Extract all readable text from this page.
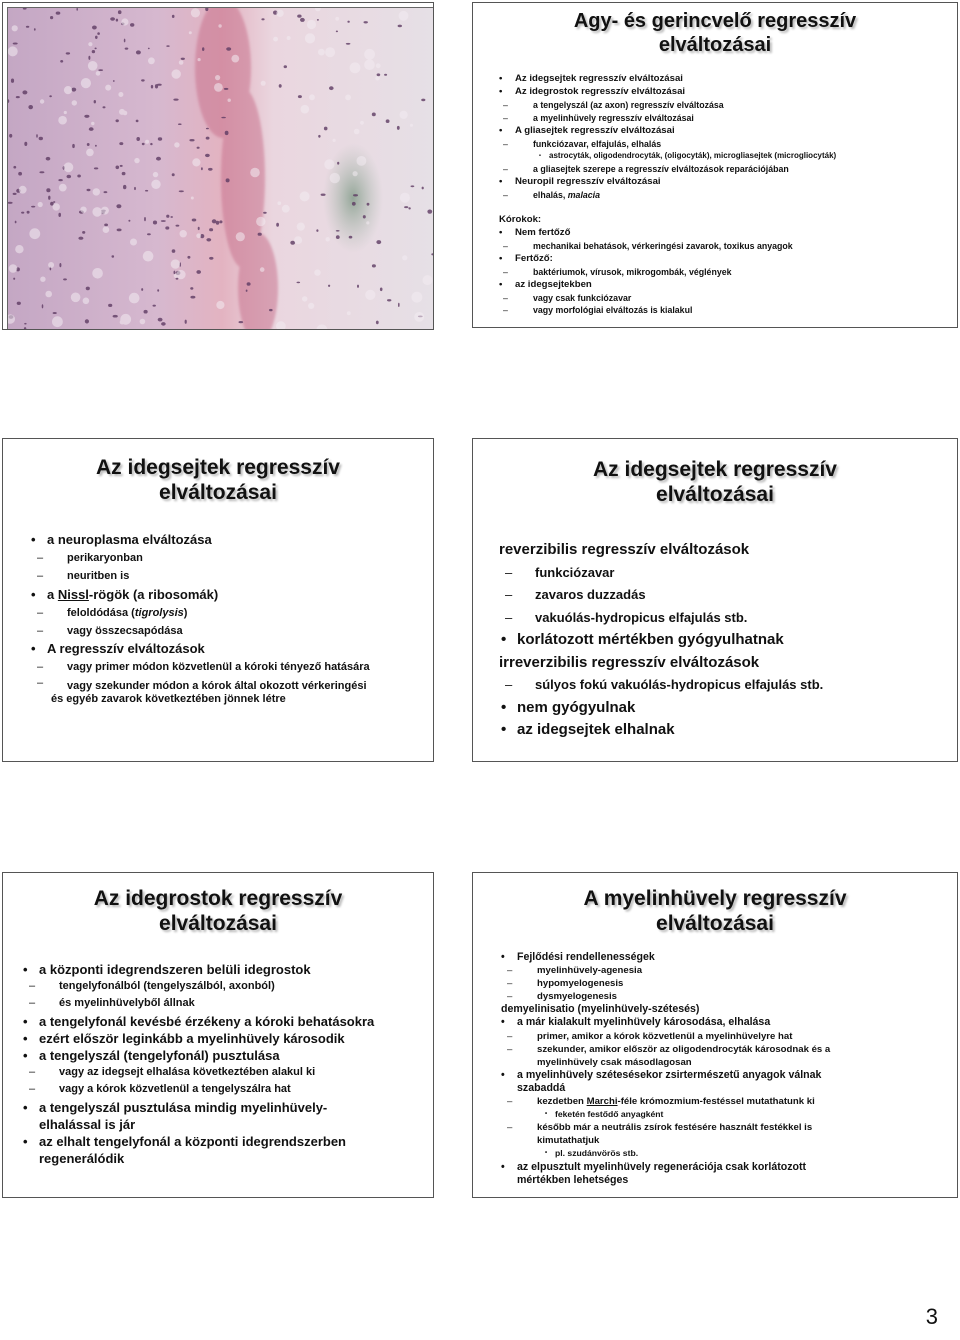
Agy- és gerincvelő regresszív
elváltozásai
• Az idegsejtek regresszív elváltozásai
• Az idegrostok regresszív elváltozásai
– a tengelyszál (az axon) regresszív elváltozása
– a myelinhüvely regresszív elváltozásai
• A gliasejtek regresszív elváltozásai
– funkciózavar, elfajulás, elhalás
• astrocyták, oligodendrocyták, (oligocyták), microgliasejtek (microgliocyták)
– a gliasejtek szerepe a regresszív elváltozások reparációjában
• Neuropil regresszív elváltozásai
– elhalás, malacia
Kórokok:
• Nem fertőző
– mechanikai behatások, vérkeringési zavarok, toxikus anyagok
• Fertőző:
– baktériumok, vírusok, mikrogombák, véglények
• az idegsejtekben
– vagy csak funkciózavar
– vagy morfológiai elváltozás is kialakul
Az idegsejtek regresszív
elváltozásai
• a neuroplasma elváltozása
– perikaryonban
– neuritben is
• a Nissl-rögök (a ribosomák)
– feloldódása (tigrolysis)
– vagy összecsapódása
• A regresszív elváltozások
– vagy primer módon közvetlenül a kóroki tényező hatására
– vagy szekunder módon a kórok által okozott vérkeringési
és egyéb zavarok következtében jönnek létre
Az idegsejtek regresszív
elváltozásai
reverzibilis regresszív elváltozások
– funkciózavar
– zavaros duzzadás
– vakuólás-hydropicus elfajulás stb.
• korlátozott mértékben gyógyulhatnak
irreverzibilis regresszív elváltozások
– súlyos fokú vakuólás-hydropicus elfajulás stb.
• nem gyógyulnak
• az idegsejtek elhalnak
Az idegrostok regresszív
elváltozásai
• a központi idegrendszeren belüli idegrostok
– tengelyfonálból (tengelyszálból, axonból)
– és myelinhüvelyből állnak
• a tengelyfonál kevésbé érzékeny a kóroki behatásokra
• ezért először leginkább a myelinhüvely károsodik
• a tengelyszál (tengelyfonál) pusztulása
– vagy az idegsejt elhalása következtében alakul ki
– vagy a kórok közvetlenül a tengelyszálra hat
• a tengelyszál pusztulása mindig myelinhüvely-
elhalással is jár
• az elhalt tengelyfonál a központi idegrendszerben
regenerálódik
A myelinhüvely regresszív
elváltozásai
• Fejlődési rendellenességek
– myelinhüvely-agenesia
– hypomyelogenesis
– dysmyelogenesis
demyelinisatio (myelinhüvely-szétesés)
• a már kialakult myelinhüvely károsodása, elhalása
– primer, amikor a kórok közvetlenül a myelinhüvelyre hat
– szekunder, amikor először az oligodendrocyták károsodnak és a
myelinhüvely csak másodlagosan
• a myelinhüvely szétesésekor zsirtermészetű anyagok válnak
szabaddá
– kezdetben Marchi-féle krómozmium-festéssel mutathatunk ki
• feketén festődő anyagként
– később már a neutrális zsírok festésére használt festékkel is
kimutathatjuk
• pl. szudánvörös stb.
• az elpusztult myelinhüvely regenerációja csak korlátozott
mértékben lehetséges
3
